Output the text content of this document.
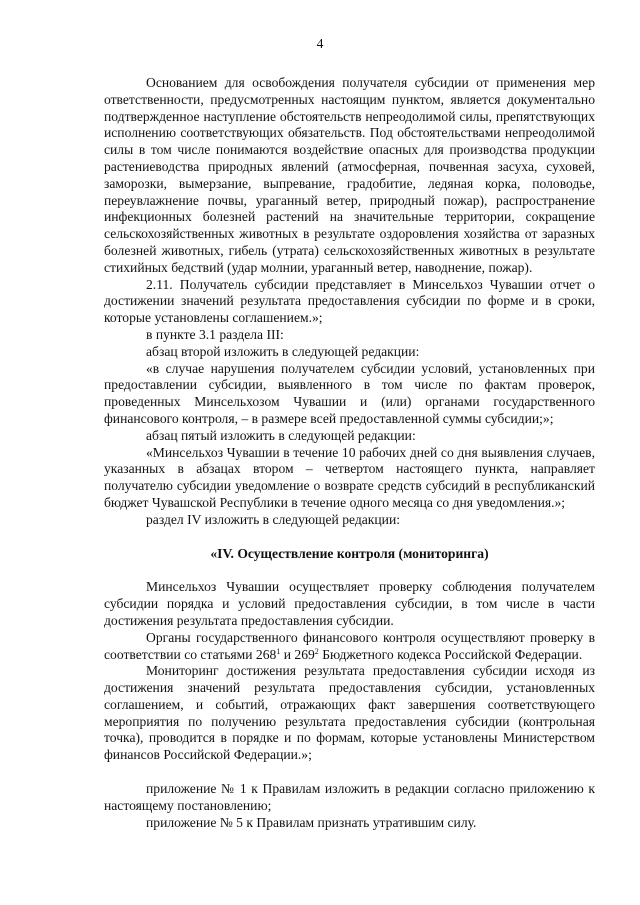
4

Основанием для освобождения получателя субсидии от применения мер ответственности, предусмотренных настоящим пунктом, является документально подтвержденное наступление обстоятельств непреодолимой силы, препятствующих исполнению соответствующих обязательств. Под обстоятельствами непреодолимой силы в том числе понимаются воздействие опасных для производства продукции растениеводства природных явлений (атмосферная, почвенная засуха, суховей, заморозки, вымерзание, выпревание, градобитие, ледяная корка, половодье, переувлажнение почвы, ураганный ветер, природный пожар), распространение инфекционных болезней растений на значительные территории, сокращение сельскохозяйственных животных в результате оздоровления хозяйства от заразных болезней животных, гибель (утрата) сельскохозяйственных животных в результате стихийных бедствий (удар молнии, ураганный ветер, наводнение, пожар).

2.11. Получатель субсидии представляет в Минсельхоз Чувашии отчет о достижении значений результата предоставления субсидии по форме и в сроки, которые установлены соглашением.»;

в пункте 3.1 раздела III:

абзац второй изложить в следующей редакции:

«в случае нарушения получателем субсидии условий, установленных при предоставлении субсидии, выявленного в том числе по фактам проверок, проведенных Минсельхозом Чувашии и (или) органами государственного финансового контроля, – в размере всей предоставленной суммы субсидии;»;

абзац пятый изложить в следующей редакции:

«Минсельхоз Чувашии в течение 10 рабочих дней со дня выявления случаев, указанных в абзацах втором – четвертом настоящего пункта, направляет получателю субсидии уведомление о возврате средств субсидий в республиканский бюджет Чувашской Республики в течение одного месяца со дня уведомления.»;

раздел IV изложить в следующей редакции:

«IV. Осуществление контроля (мониторинга)

Минсельхоз Чувашии осуществляет проверку соблюдения получателем субсидии порядка и условий предоставления субсидии, в том числе в части достижения результата предоставления субсидии.

Органы государственного финансового контроля осуществляют проверку в соответствии со статьями $268^1$ и $269^2$ Бюджетного кодекса Российской Федерации.

Мониторинг достижения результата предоставления субсидии исходя из достижения значений результата предоставления субсидии, установленных соглашением, и событий, отражающих факт завершения соответствующего мероприятия по получению результата предоставления субсидии (контрольная точка), проводится в порядке и по формам, которые установлены Министерством финансов Российской Федерации.»;

приложение № 1 к Правилам изложить в редакции согласно приложению к настоящему постановлению;

приложение № 5 к Правилам признать утратившим силу.
